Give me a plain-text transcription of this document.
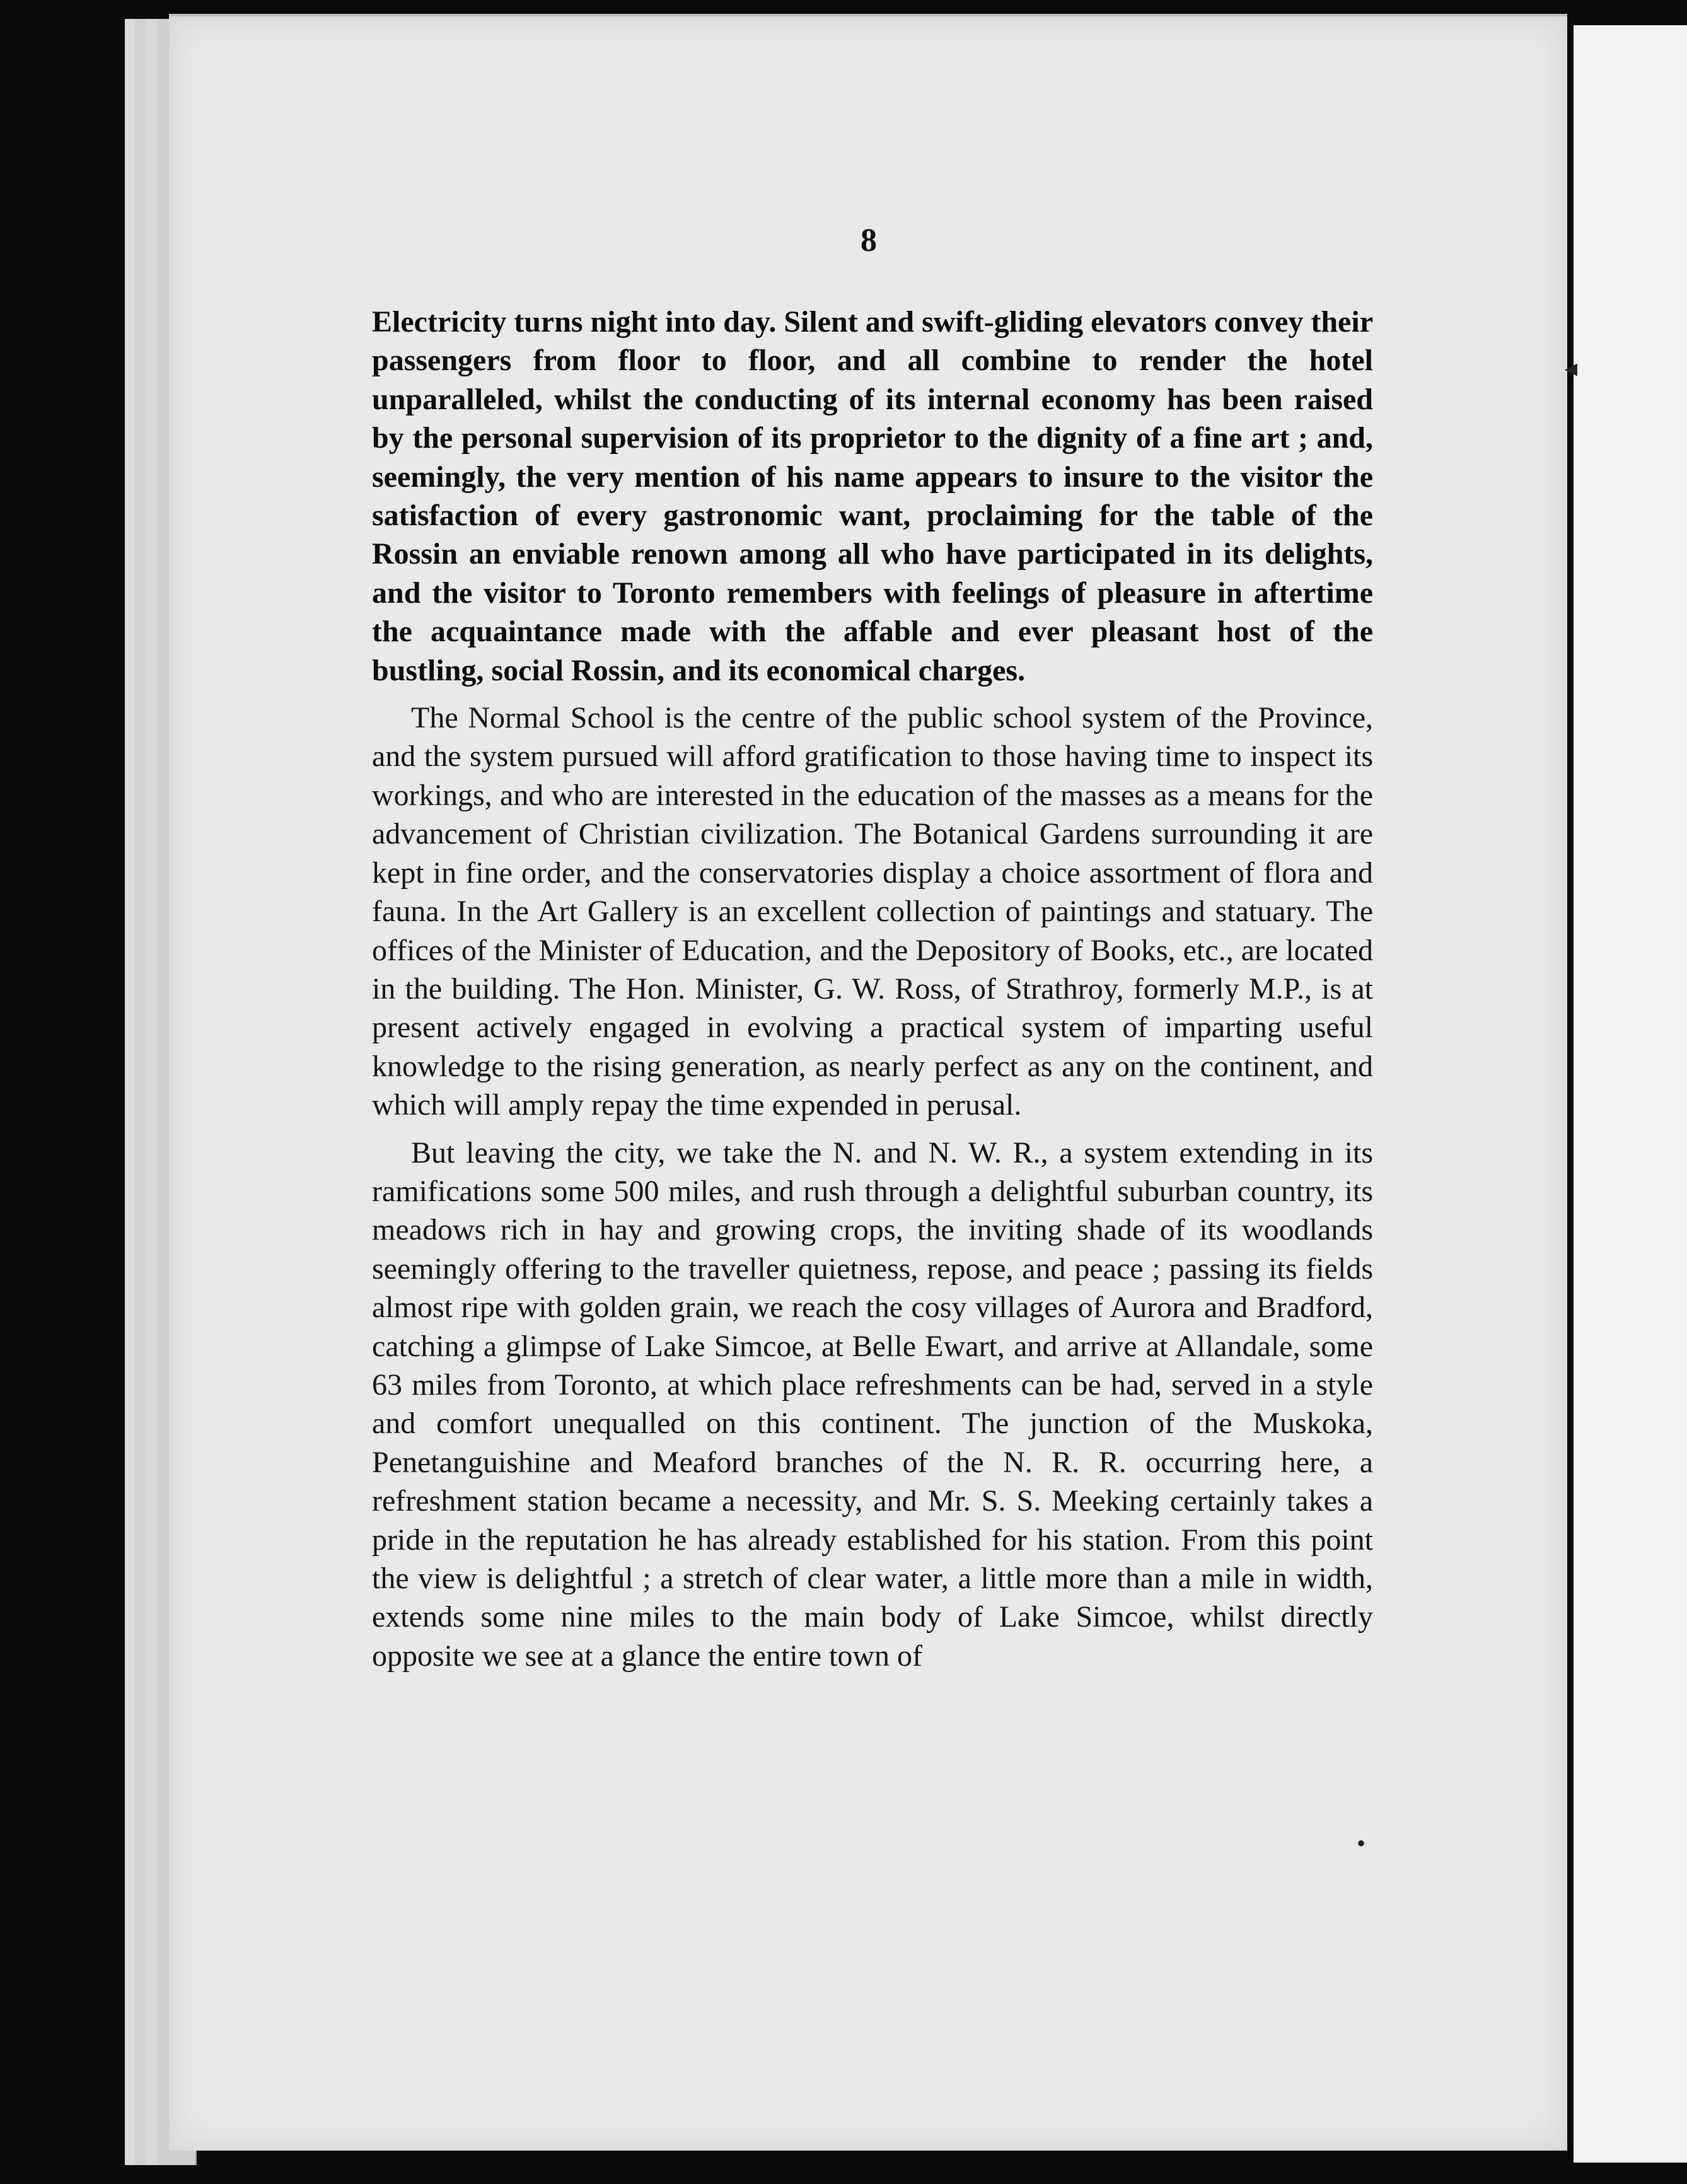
8

Electricity turns night into day. Silent and swift-gliding elevators convey their passengers from floor to floor, and all combine to render the hotel unparalleled, whilst the conducting of its internal economy has been raised by the personal supervision of its proprietor to the dignity of a fine art ; and, seemingly, the very mention of his name appears to insure to the visitor the satisfaction of every gastronomic want, proclaiming for the table of the Rossin an enviable renown among all who have participated in its delights, and the visitor to Toronto remembers with feelings of pleasure in aftertime the acquaintance made with the affable and ever pleasant host of the bustling, social Rossin, and its economical charges.

The Normal School is the centre of the public school system of the Province, and the system pursued will afford gratification to those having time to inspect its workings, and who are interested in the education of the masses as a means for the advancement of Christian civilization. The Botanical Gardens surrounding it are kept in fine order, and the conservatories display a choice assortment of flora and fauna. In the Art Gallery is an excellent collection of paintings and statuary. The offices of the Minister of Education, and the Depository of Books, etc., are located in the building. The Hon. Minister, G. W. Ross, of Strathroy, formerly M.P., is at present actively engaged in evolving a practical system of imparting useful knowledge to the rising generation, as nearly perfect as any on the continent, and which will amply repay the time expended in perusal.

But leaving the city, we take the N. and N. W. R., a system extending in its ramifications some 500 miles, and rush through a delightful suburban country, its meadows rich in hay and growing crops, the inviting shade of its woodlands seemingly offering to the traveller quietness, repose, and peace ; passing its fields almost ripe with golden grain, we reach the cosy villages of Aurora and Bradford, catching a glimpse of Lake Simcoe, at Belle Ewart, and arrive at Allandale, some 63 miles from Toronto, at which place refreshments can be had, served in a style and comfort unequalled on this continent. The junction of the Muskoka, Penetanguishine and Meaford branches of the N. R. R. occurring here, a refreshment station became a necessity, and Mr. S. S. Meeking certainly takes a pride in the reputation he has already established for his station. From this point the view is delightful ; a stretch of clear water, a little more than a mile in width, extends some nine miles to the main body of Lake Simcoe, whilst directly opposite we see at a glance the entire town of

◂
•
